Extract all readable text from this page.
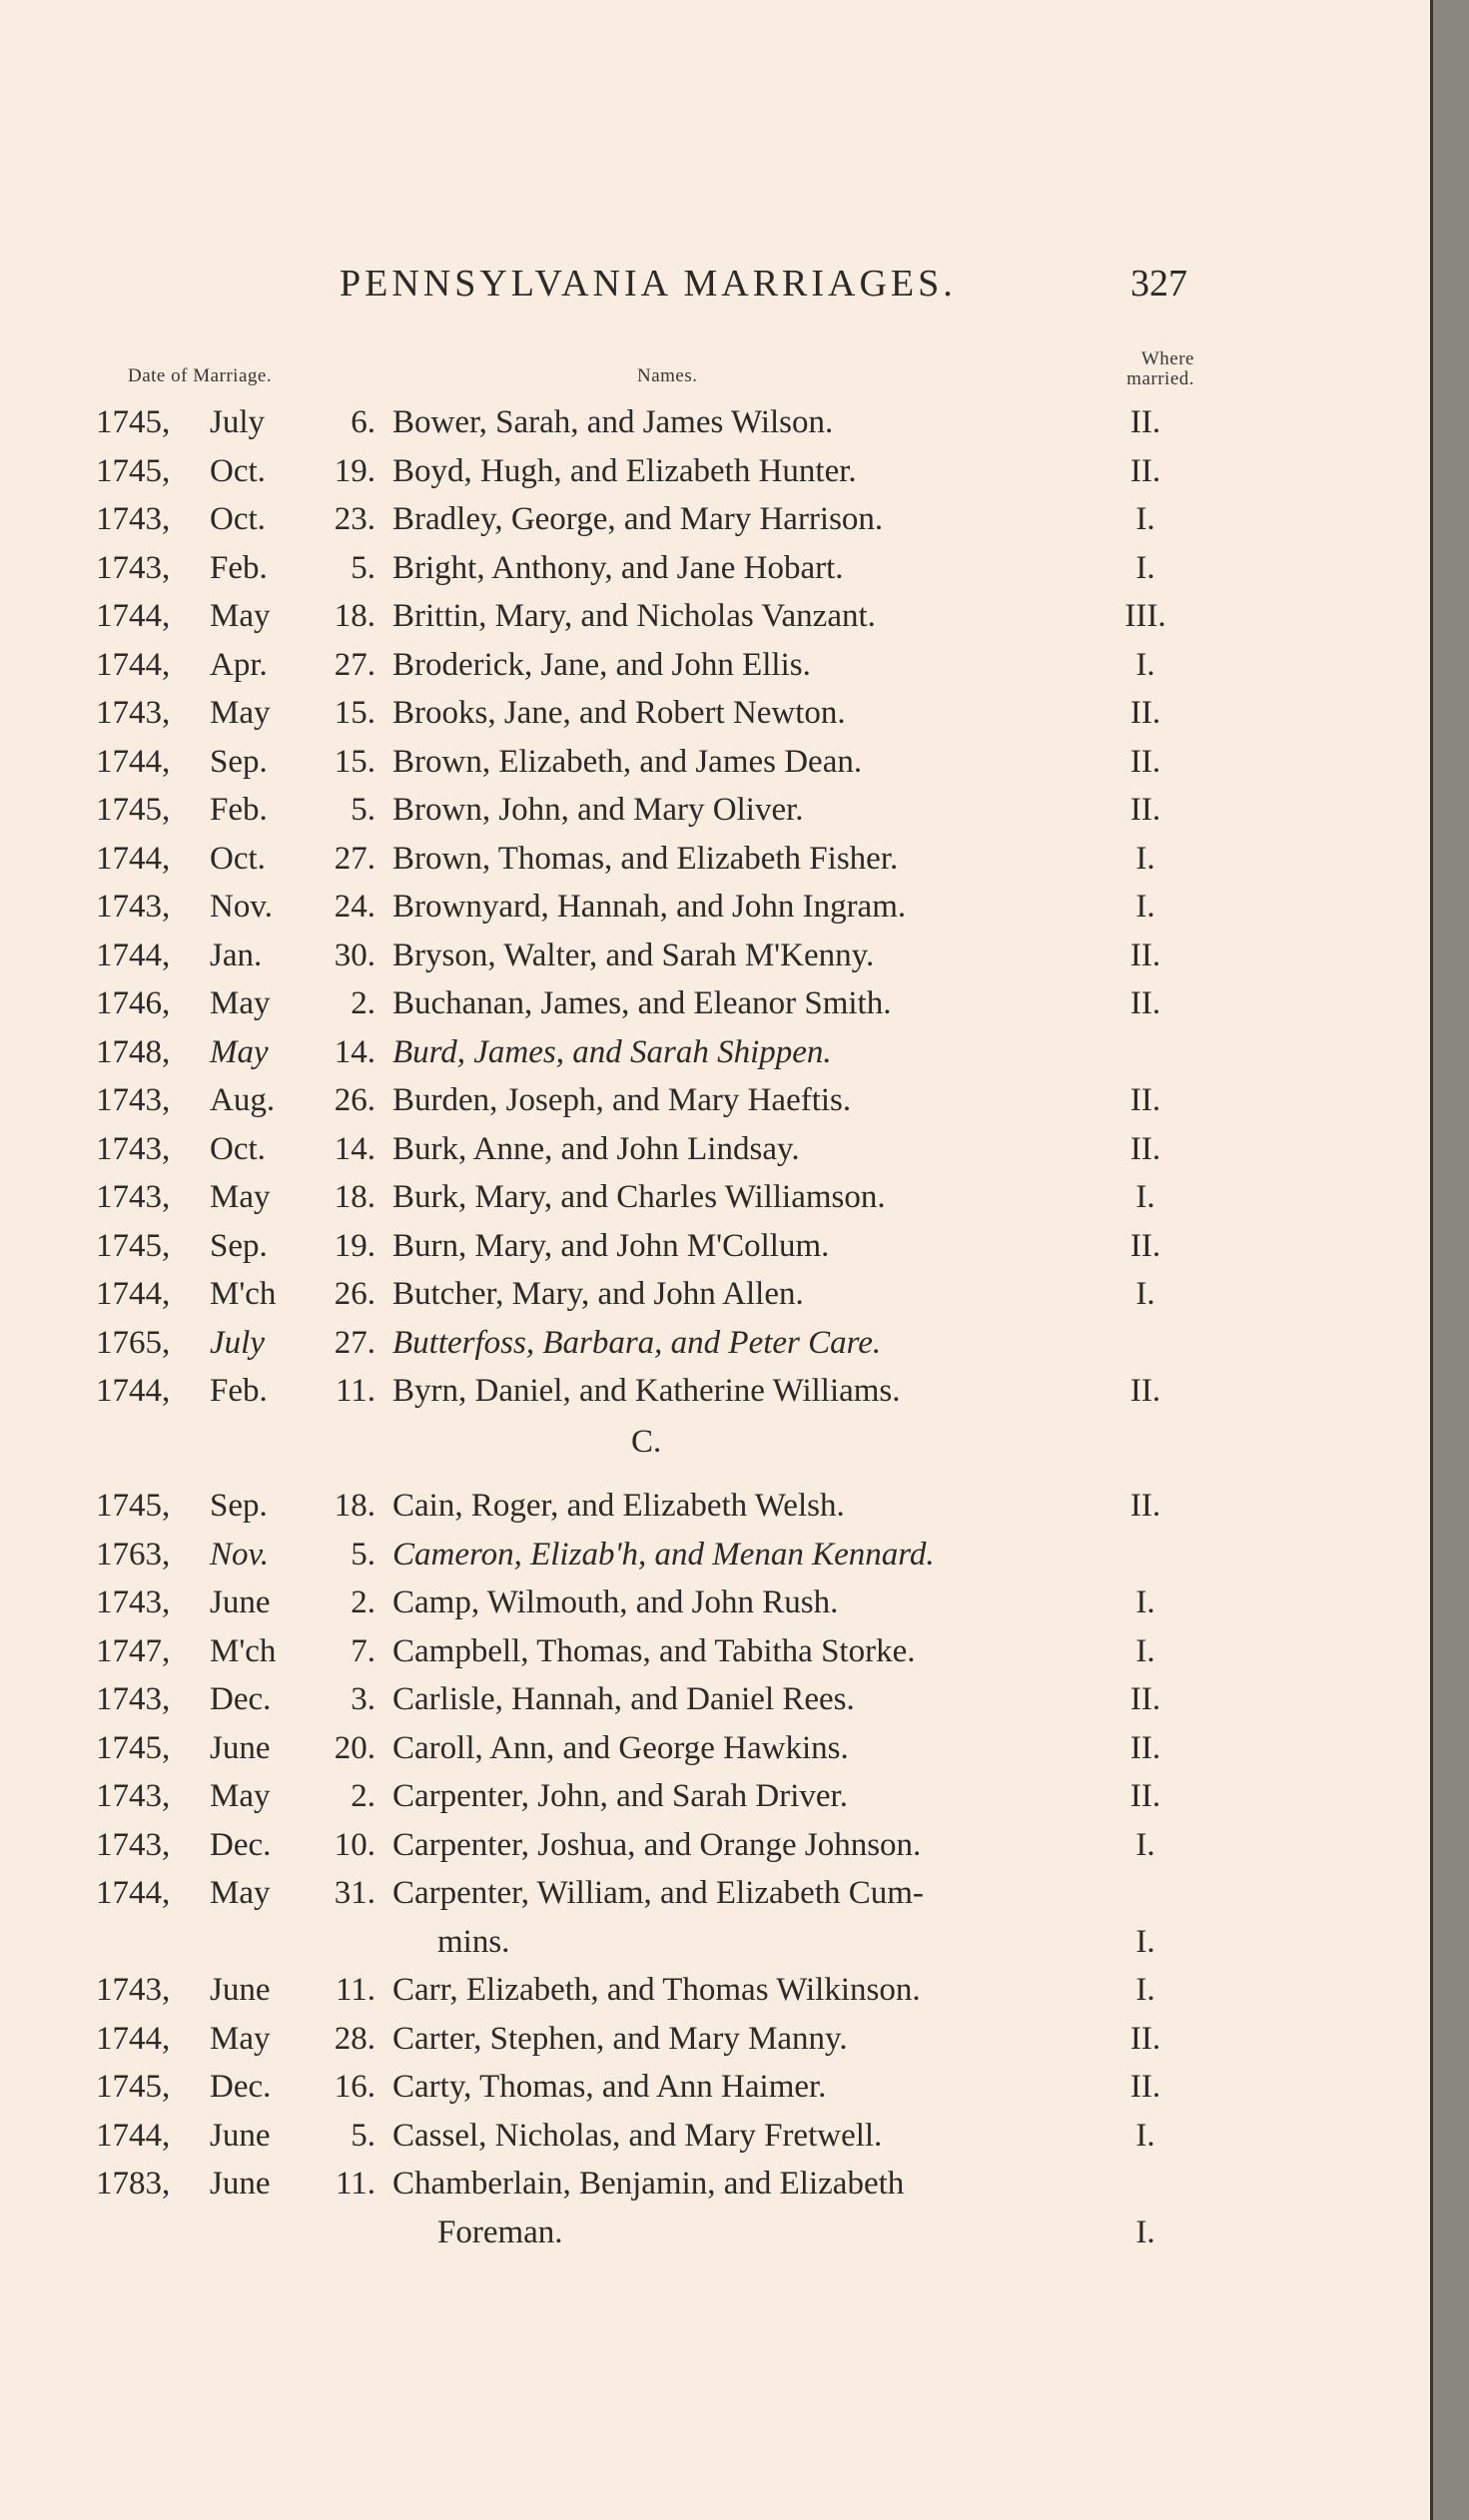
PENNSYLVANIA MARRIAGES.	327
Date of Marriage.	Names.
Where
married.
1745, July	6. Bower, Sarah, and James Wilson.	II.
1745, Oct.	19. Boyd, Hugh, and Elizabeth Hunter.	II.
1743, Oct.	23. Bradley, George, and Mary Harrison.	I.
1743, Feb.	5. Bright, Anthony, and Jane Hobart.	I.
1744, May	18. Brittin, Mary, and Nicholas Vanzant.	III.
1744, Apr.	27. Broderick, Jane, and John Ellis.	I.
1743, May	15. Brooks, Jane, and Robert Newton.	II.
1744, Sep.	15. Brown, Elizabeth, and James Dean.	II.
1745, Feb.	5. Brown, John, and Mary Oliver.	II.
1744, Oct.	27. Brown, Thomas, and Elizabeth Fisher.	I.
1743, Nov.	24. Brownyard, Hannah, and John Ingram.	I.
1744, Jan.	30. Bryson, Walter, and Sarah M'Kenny.	II.
1746, May	2. Buchanan, James, and Eleanor Smith.	II.
1748, May	14. Burd, James, and Sarah Shippen.
1743, Aug.	26. Burden, Joseph, and Mary Haeftis.	II.
1743, Oct.	14. Burk, Anne, and John Lindsay.	II.
1743, May	18. Burk, Mary, and Charles Williamson.	I.
1745, Sep.	19. Burn, Mary, and John M'Collum.	II.
1744, M'ch	26. Butcher, Mary, and John Allen.	I.
1765, July	27. Butterfoss, Barbara, and Peter Care.
1744, Feb.	11. Byrn, Daniel, and Katherine Williams.	II.
C.
1745, Sep.	18. Cain, Roger, and Elizabeth Welsh.	II.
1763, Nov.	5. Cameron, Elizab'h, and Menan Kennard.
1743, June	2. Camp, Wilmouth, and John Rush.	I.
1747, M'ch	7. Campbell, Thomas, and Tabitha Storke.	I.
1743, Dec.	3. Carlisle, Hannah, and Daniel Rees.	II.
1745, June	20. Caroll, Ann, and George Hawkins.	II.
1743, May	2. Carpenter, John, and Sarah Driver.	II.
1743, Dec.	10. Carpenter, Joshua, and Orange Johnson.	I.
1744, May	31. Carpenter, William, and Elizabeth Cum-
mins.	I.
1743, June	11. Carr, Elizabeth, and Thomas Wilkinson.	I.
1744, May	28. Carter, Stephen, and Mary Manny.	II.
1745, Dec.	16. Carty, Thomas, and Ann Haimer.	II.
1744, June	5. Cassel, Nicholas, and Mary Fretwell.	I.
1783, June	11. Chamberlain, Benjamin, and Elizabeth
Foreman.	I.
